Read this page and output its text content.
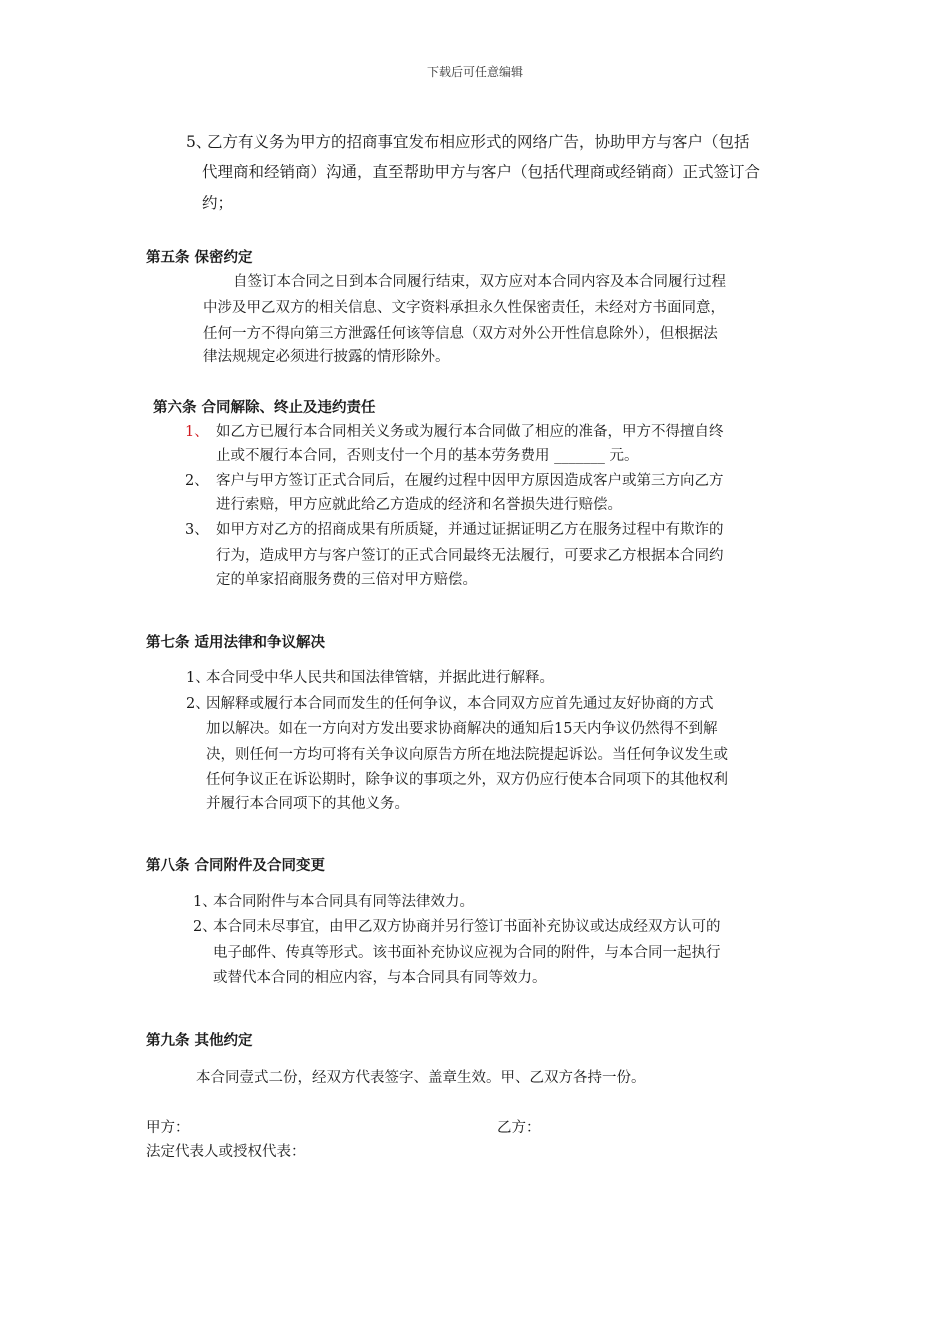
下载后可任意编辑
5、
乙方有义务为甲方的招商事宜发布相应形式的网络广告，协助甲方与客户（包括
代理商和经销商）沟通，直至帮助甲方与客户（包括代理商或经销商）正式签订合
约；
第五条 保密约定
自签订本合同之日到本合同履行结束，双方应对本合同内容及本合同履行过程
中涉及甲乙双方的相关信息、文字资料承担永久性保密责任，未经对方书面同意，
任何一方不得向第三方泄露任何该等信息（双方对外公开性信息除外），但根据法
律法规规定必须进行披露的情形除外。
第六条 合同解除、终止及违约责任
1、 如乙方已履行本合同相关义务或为履行本合同做了相应的准备，甲方不得擅自终
止或不履行本合同，否则支付一个月的基本劳务费用 _______ 元。
2、 客户与甲方签订正式合同后，在履约过程中因甲方原因造成客户或第三方向乙方
进行索赔，甲方应就此给乙方造成的经济和名誉损失进行赔偿。
3、 如甲方对乙方的招商成果有所质疑，并通过证据证明乙方在服务过程中有欺诈的
行为，造成甲方与客户签订的正式合同最终无法履行，可要求乙方根据本合同约
定的单家招商服务费的三倍对甲方赔偿。
第七条 适用法律和争议解决
1、
本合同受中华人民共和国法律管辖，并据此进行解释。
2、
因解释或履行本合同而发生的任何争议，本合同双方应首先通过友好协商的方式
加以解决。如在一方向对方发出要求协商解决的通知后15天内争议仍然得不到解
决，则任何一方均可将有关争议向原告方所在地法院提起诉讼。当任何争议发生或
任何争议正在诉讼期时，除争议的事项之外，双方仍应行使本合同项下的其他权利
并履行本合同项下的其他义务。
第八条 合同附件及合同变更
1、
本合同附件与本合同具有同等法律效力。
2、
本合同未尽事宜，由甲乙双方协商并另行签订书面补充协议或达成经双方认可的
电子邮件、传真等形式。该书面补充协议应视为合同的附件，与本合同一起执行
或替代本合同的相应内容，与本合同具有同等效力。
第九条 其他约定
本合同壹式二份，经双方代表签字、盖章生效。甲、乙双方各持一份。
甲方：	乙方：
法定代表人或授权代表：
